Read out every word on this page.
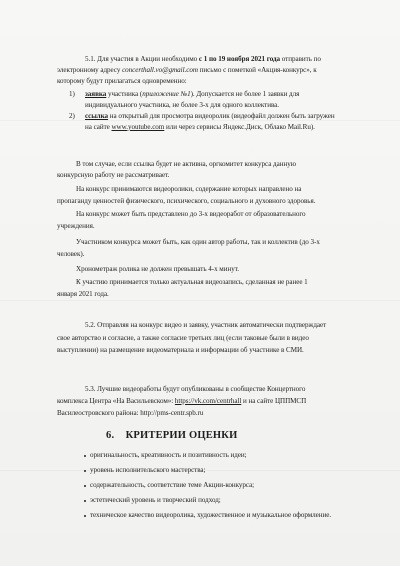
5.1. Для участия в Акции необходимо с 1 по 19 ноября 2021 года отправить по
электронному адресу concerthall.vo@gmail.com письмо с пометкой «Акция-конкурс», к
которому будут прилагаться одновременно:
1) заявка участника (приложение №1). Допускается не более 1 заявки для
индивидуального участника, не более 3-х для одного коллектива.
2) ссылка на открытый для просмотра видеоролик (видеофайл должен быть загружен
на сайте www.youtube.com или через сервисы Яндекс.Диск, Облако Mail.Ru).
В том случае, если ссылка будет не активна, оргкомитет конкурса данную
конкурсную работу не рассматривает.
На конкурс принимаются видеоролики, содержание которых направлено на
пропаганду ценностей физического, психического, социального и духовного здоровья.
На конкурс может быть представлено до 3-х видеоработ от образовательного
учреждения.
Участником конкурса может быть, как один автор работы, так и коллектив (до 3-х
человек).
Хронометраж ролика не должен превышать 4-х минут.
К участию принимается только актуальная видеозапись, сделанная не ранее 1
января 2021 года.
5.2. Отправляя на конкурс видео и заявку, участник автоматически подтверждает
свое авторство и согласие, а также согласие третьих лиц (если таковые были в видео
выступлении) на размещение видеоматериала и информации об участнике в СМИ.
5.3. Лучшие видеоработы будут опубликованы в сообществе Концертного
комплекса Центра «На Васильевском»: https://vk.com/centrhall и на сайте ЦППМСП
Василеостровского района: http://pms-centr.spb.ru
6. КРИТЕРИИ ОЦЕНКИ
оригинальность, креативность и позитивность идеи;
уровень исполнительского мастерства;
содержательность, соответствие теме Акции-конкурса;
эстетический уровень и творческий подход;
техническое качество видеоролика, художественное и музыкальное оформление.
